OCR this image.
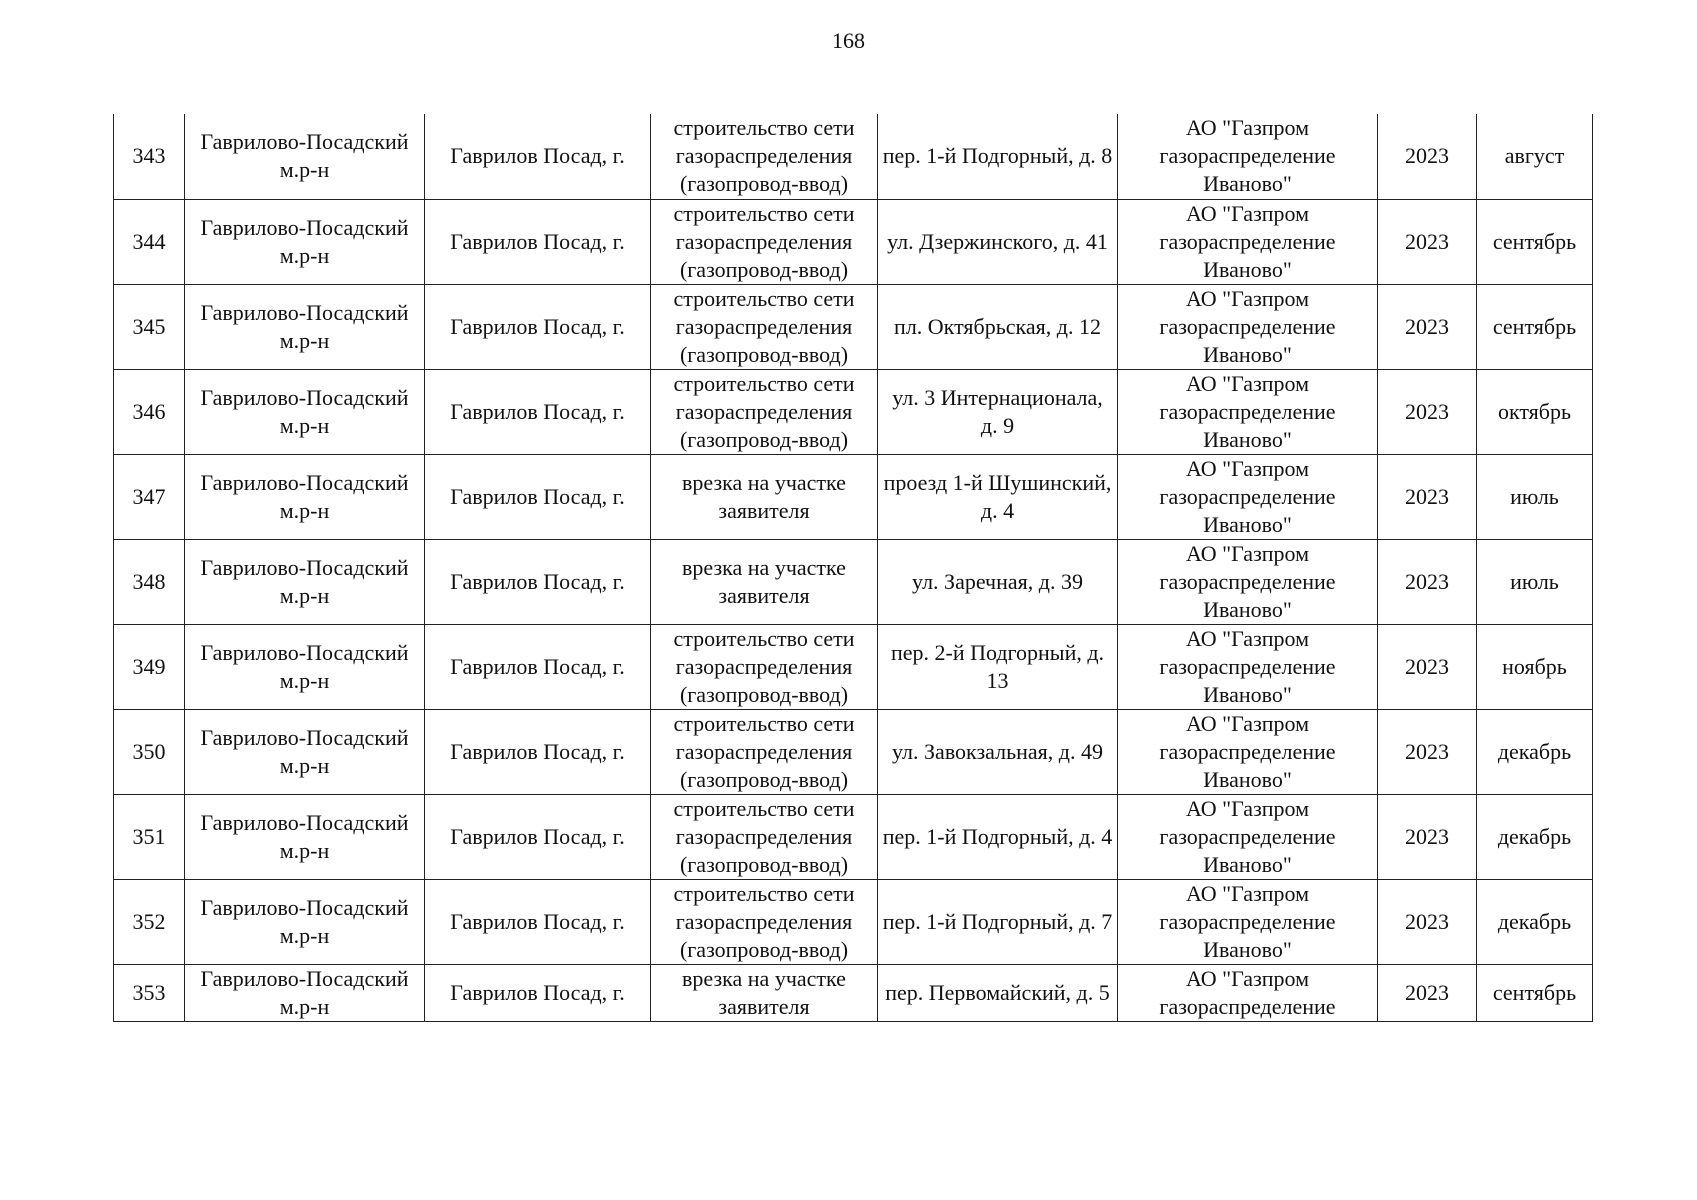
168
343	Гаврилово-Посадский м.р-н	Гаврилов Посад, г.	строительство сети газораспределения (газопровод-ввод)	пер. 1-й Подгорный, д. 8	АО "Газпром газораспределение Иваново"	2023	август
344	Гаврилово-Посадский м.р-н	Гаврилов Посад, г.	строительство сети газораспределения (газопровод-ввод)	ул. Дзержинского, д. 41	АО "Газпром газораспределение Иваново"	2023	сентябрь
345	Гаврилово-Посадский м.р-н	Гаврилов Посад, г.	строительство сети газораспределения (газопровод-ввод)	пл. Октябрьская, д. 12	АО "Газпром газораспределение Иваново"	2023	сентябрь
346	Гаврилово-Посадский м.р-н	Гаврилов Посад, г.	строительство сети газораспределения (газопровод-ввод)	ул. 3 Интернационала, д. 9	АО "Газпром газораспределение Иваново"	2023	октябрь
347	Гаврилово-Посадский м.р-н	Гаврилов Посад, г.	врезка на участке заявителя	проезд 1-й Шушинский, д. 4	АО "Газпром газораспределение Иваново"	2023	июль
348	Гаврилово-Посадский м.р-н	Гаврилов Посад, г.	врезка на участке заявителя	ул. Заречная, д. 39	АО "Газпром газораспределение Иваново"	2023	июль
349	Гаврилово-Посадский м.р-н	Гаврилов Посад, г.	строительство сети газораспределения (газопровод-ввод)	пер. 2-й Подгорный, д. 13	АО "Газпром газораспределение Иваново"	2023	ноябрь
350	Гаврилово-Посадский м.р-н	Гаврилов Посад, г.	строительство сети газораспределения (газопровод-ввод)	ул. Завокзальная, д. 49	АО "Газпром газораспределение Иваново"	2023	декабрь
351	Гаврилово-Посадский м.р-н	Гаврилов Посад, г.	строительство сети газораспределения (газопровод-ввод)	пер. 1-й Подгорный, д. 4	АО "Газпром газораспределение Иваново"	2023	декабрь
352	Гаврилово-Посадский м.р-н	Гаврилов Посад, г.	строительство сети газораспределения (газопровод-ввод)	пер. 1-й Подгорный, д. 7	АО "Газпром газораспределение Иваново"	2023	декабрь
353	Гаврилово-Посадский м.р-н	Гаврилов Посад, г.	врезка на участке заявителя	пер. Первомайский, д. 5	АО "Газпром газораспределение	2023	сентябрь
